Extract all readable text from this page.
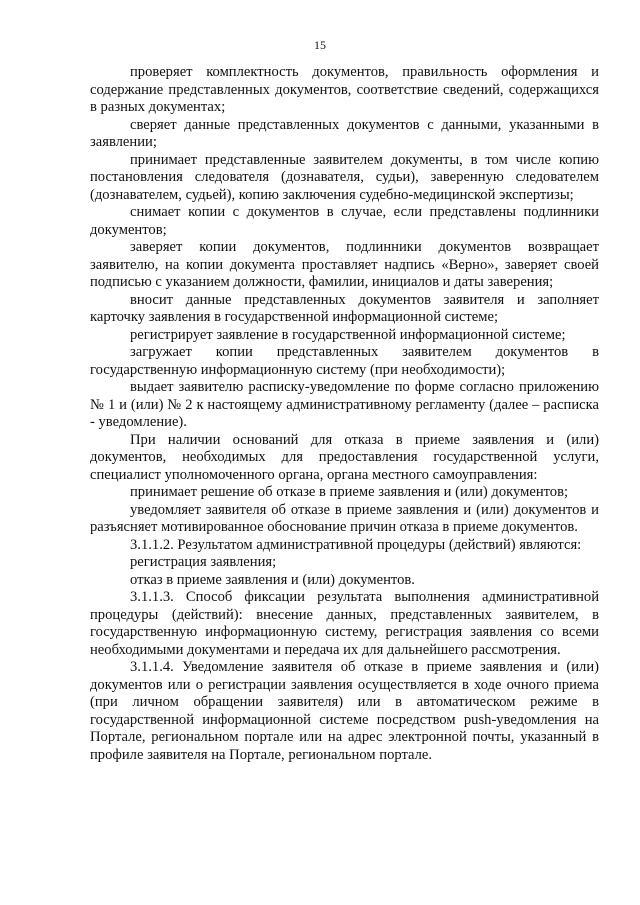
15

проверяет комплектность документов, правильность оформления и содержание представленных документов, соответствие сведений, содержащихся в разных документах;

сверяет данные представленных документов с данными, указанными в заявлении;

принимает представленные заявителем документы, в том числе копию постановления следователя (дознавателя, судьи), заверенную следователем (дознавателем, судьей), копию заключения судебно-медицинской экспертизы;

снимает копии с документов в случае, если представлены подлинники документов;

заверяет копии документов, подлинники документов возвращает заявителю, на копии документа проставляет надпись «Верно», заверяет своей подписью с указанием должности, фамилии, инициалов и даты заверения;

вносит данные представленных документов заявителя и заполняет карточку заявления в государственной информационной системе;

регистрирует заявление в государственной информационной системе;

загружает копии представленных заявителем документов в государственную информационную систему (при необходимости);

выдает заявителю расписку-уведомление по форме согласно приложению № 1 и (или) № 2 к настоящему административному регламенту (далее – расписка - уведомление).

При наличии оснований для отказа в приеме заявления и (или) документов, необходимых для предоставления государственной услуги, специалист уполномоченного органа, органа местного самоуправления:

принимает решение об отказе в приеме заявления и (или) документов;

уведомляет заявителя об отказе в приеме заявления и (или) документов и разъясняет мотивированное обоснование причин отказа в приеме документов.

3.1.1.2. Результатом административной процедуры (действий) являются:

регистрация заявления;

отказ в приеме заявления и (или) документов.

3.1.1.3. Способ фиксации результата выполнения административной процедуры (действий): внесение данных, представленных заявителем, в государственную информационную систему, регистрация заявления со всеми необходимыми документами и передача их для дальнейшего рассмотрения.

3.1.1.4. Уведомление заявителя об отказе в приеме заявления и (или) документов или о регистрации заявления осуществляется в ходе очного приема (при личном обращении заявителя) или в автоматическом режиме в государственной информационной системе посредством push-уведомления на Портале, региональном портале или на адрес электронной почты, указанный в профиле заявителя на Портале, региональном портале.
